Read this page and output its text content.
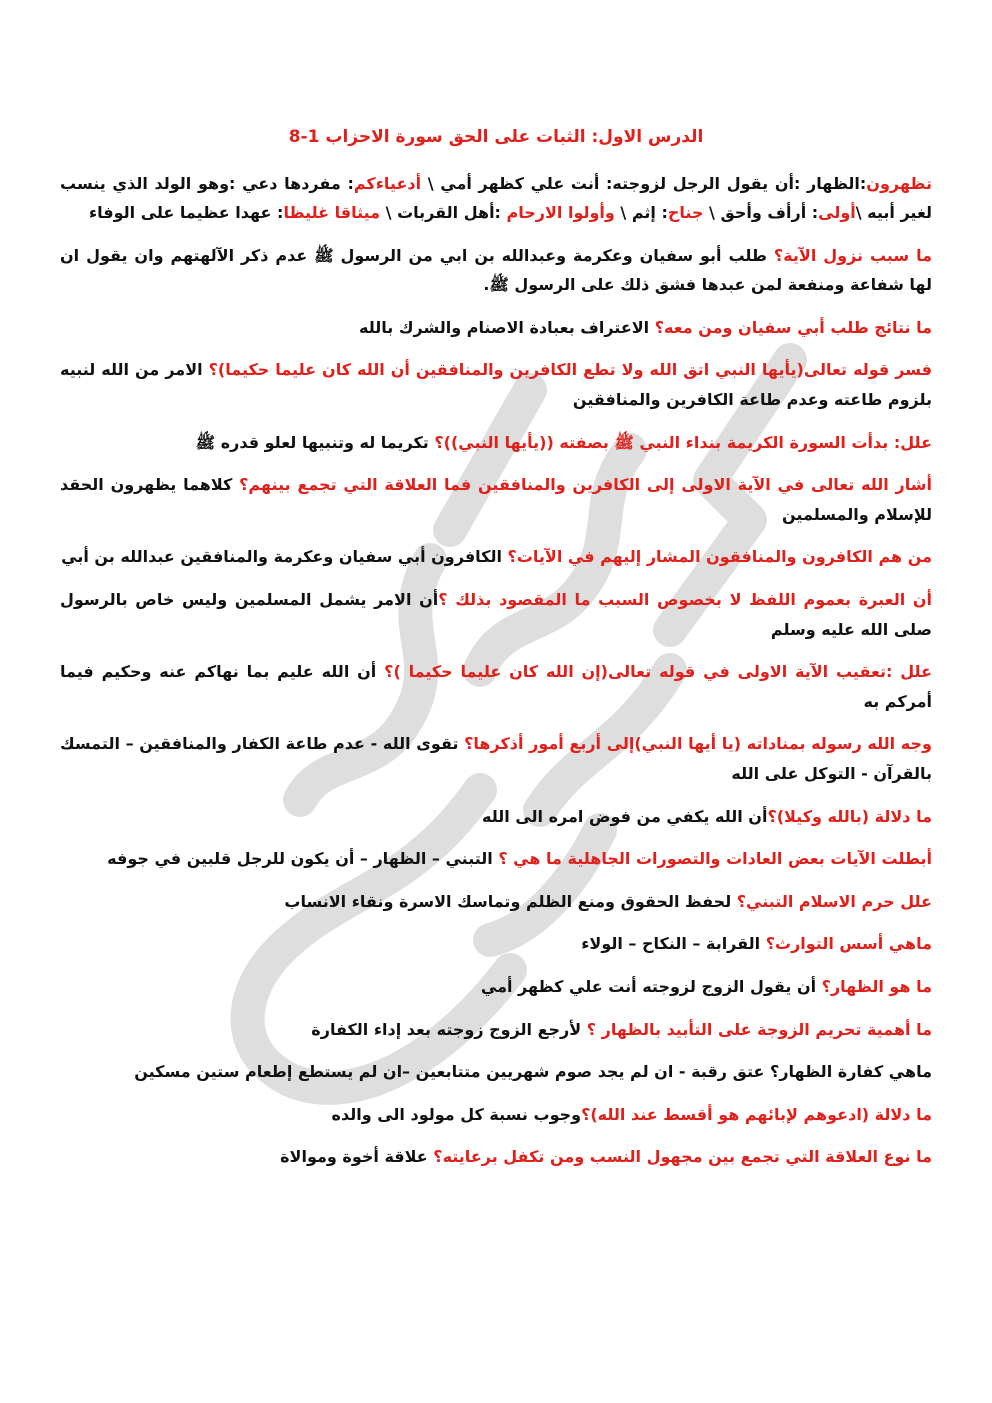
الدرس الاول: الثبات على الحق سورة الاحزاب 1-8
تظهرون:الظهار :أن يقول الرجل لزوجته: أنت علي كظهر أمي \ أدعياءكم: مفردها دعي :وهو الولد الذي ينسب لغير أبيه \أولى: أرأف وأحق \ جناح: إثم \ وأولوا الارحام :أهل القربات \ ميثاقا غليظا: عهدا عظيما على الوفاء
ما سبب نزول الآية؟ طلب أبو سفيان وعكرمة وعبدالله بن ابي من الرسول ﷺ عدم ذكر الآلهتهم وان يقول ان لها شفاعة ومنفعة لمن عبدها فشق ذلك على الرسول ﷺ.
ما نتائج طلب أبي سفيان ومن معه؟ الاعتراف بعبادة الاصنام والشرك بالله
فسر قوله تعالى(يأيها النبي اتق الله ولا تطع الكافرين والمنافقين أن الله كان عليما حكيما)؟ الامر من الله لنبيه بلزوم طاعته وعدم طاعة الكافرين والمنافقين
علل: بدأت السورة الكريمة بنداء النبي ﷺ بصفته ((يأيها النبي))؟ تكريما له وتنبيها لعلو قدره ﷺ
أشار الله تعالى في الآية الاولى إلى الكافرين والمنافقين فما العلاقة التي تجمع بينهم؟ كلاهما يظهرون الحقد للإسلام والمسلمين
من هم الكافرون والمنافقون المشار إليهم في الآيات؟ الكافرون أبي سفيان وعكرمة والمنافقين عبدالله بن أبي
أن العبرة بعموم اللفظ لا بخصوص السبب ما المقصود بذلك ؟أن الامر يشمل المسلمين وليس خاص بالرسول صلى الله عليه وسلم
علل :تعقيب الآية الاولى في قوله تعالى(إن الله كان عليما حكيما )؟ أن الله عليم بما نهاكم عنه وحكيم فيما أمركم به
وجه الله رسوله بمناداته (يا أيها النبي)إلى أربع أمور أذكرها؟ تقوى الله - عدم طاعة الكفار والمنافقين – التمسك بالقرآن - التوكل على الله
ما دلالة (بالله وكيلا)؟أن الله يكفي من فوض امره الى الله
أبطلت الآيات بعض العادات والتصورات الجاهلية ما هي ؟ التبني – الظهار – أن يكون للرجل قلبين في جوفه
علل حرم الاسلام التبني؟ لحفظ الحقوق ومنع الظلم وتماسك الاسرة ونقاء الانساب
ماهي أسس التوارث؟ القرابة – النكاح – الولاء
ما هو الظهار؟ أن يقول الزوج لزوجته أنت علي كظهر أمي
ما أهمية تحريم الزوجة على التأبيد بالظهار ؟ لأرجع الزوج زوجته بعد إداء الكفارة
ماهي كفارة الظهار؟ عتق رقبة - ان لم يجد صوم شهريين متتابعين –ان لم يستطع إطعام ستين مسكين
ما دلالة (ادعوهم لإبائهم هو أقسط عند الله)؟وجوب نسبة كل مولود الى والده
ما نوع العلاقة التي تجمع بين مجهول النسب ومن تكفل برعايته؟ علاقة أخوة وموالاة
